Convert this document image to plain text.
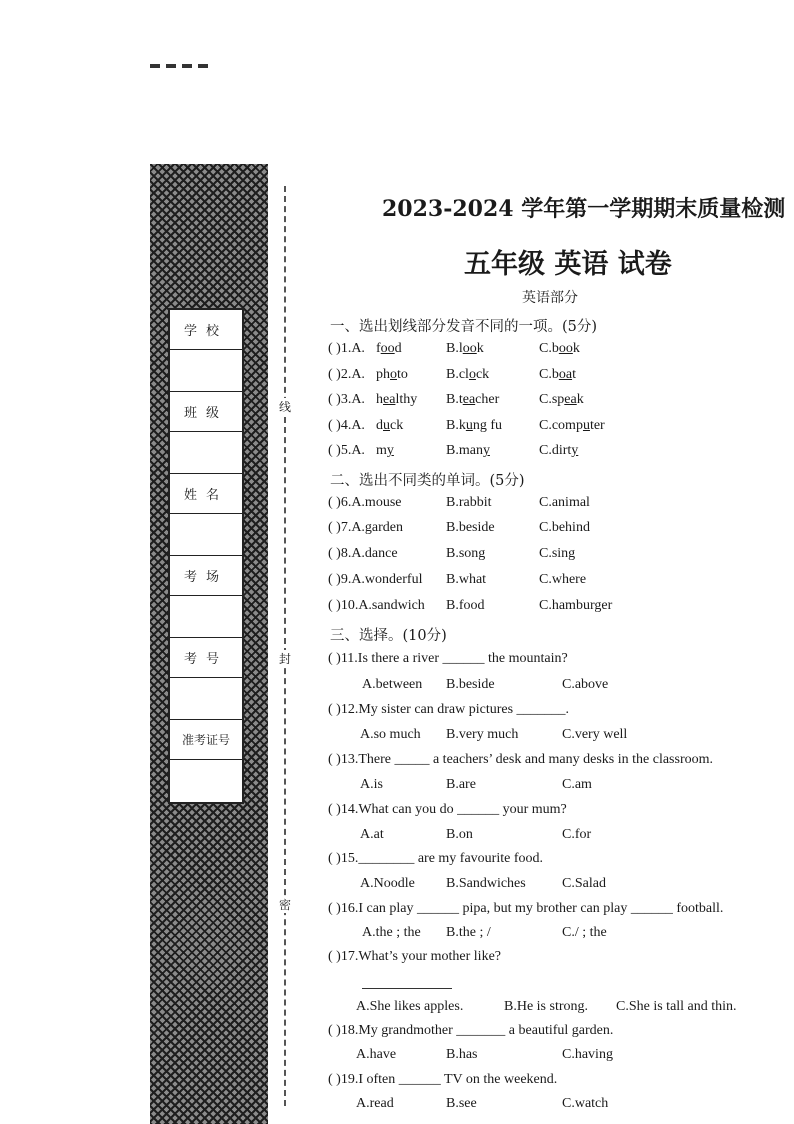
学校
班级
姓名
考场
考号
准考证号
线
封
密
2023-2024 学年第一学期期末质量检测
五年级 英语 试卷
英语部分
一、选出划线部分发音不同的一项。(5分)
( )1.A. food	B.look	C.book
( )2.A. photo	B.clock	C.boat
( )3.A. healthy B.teacher	C.speak
( )4.A. duck	B.kung fu	C.computer
( )5.A. my	B.many	C.dirty
二、选出不同类的单词。(5分)
( )6.A.mouse	B.rabbit	C.animal
( )7.A.garden	B.beside	C.behind
( )8.A.dance	B.song	C.sing
( )9.A.wonderful B.what	C.where
( )10.A.sandwich B.food	C.hamburger
三、选择。(10分)
( )11.Is there a river ______ the mountain?
A.between B.beside	C.above
( )12.My sister can draw pictures _______.
A.so much B.very much	C.very well
( )13.There _____ a teachers’ desk and many desks in the classroom.
A.is	B.are	C.am
( )14.What can you do ______ your mum?
A.at	B.on	C.for
( )15.________ are my favourite food.
A.Noodle B.Sandwiches	C.Salad
( )16.I can play ______ pipa, but my brother can play ______ football.
A.the ; the B.the ; /	C./ ; the
( )17.What’s your mother like?
A.She likes apples.	B.He is strong. C.She is tall and thin.
( )18.My grandmother _______ a beautiful garden.
A.have	B.has	C.having
( )19.I often ______ TV on the weekend.
A.read	B.see	C.watch
